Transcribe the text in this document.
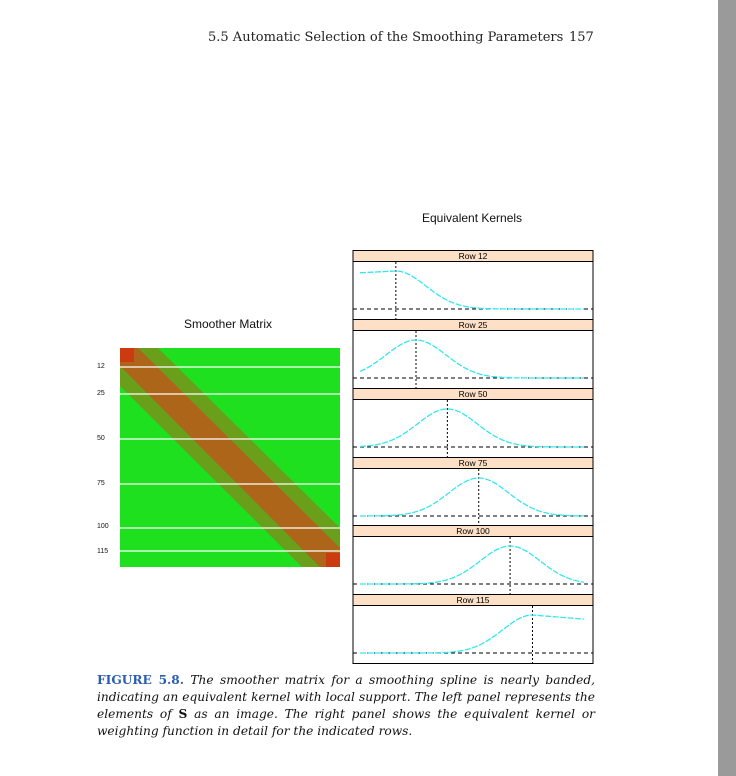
5.5 Automatic Selection of the Smoothing Parameters 157
Equivalent Kernels
Smoother Matrix
12
25
50
75
100
115
Row 12
Row 25
Row 50
Row 75
Row 100
Row 115
FIGURE 5.8. The smoother matrix for a smoothing spline is nearly banded, indicating an equivalent kernel with local support. The left panel represents the elements of S as an image. The right panel shows the equivalent kernel or weighting function in detail for the indicated rows.
